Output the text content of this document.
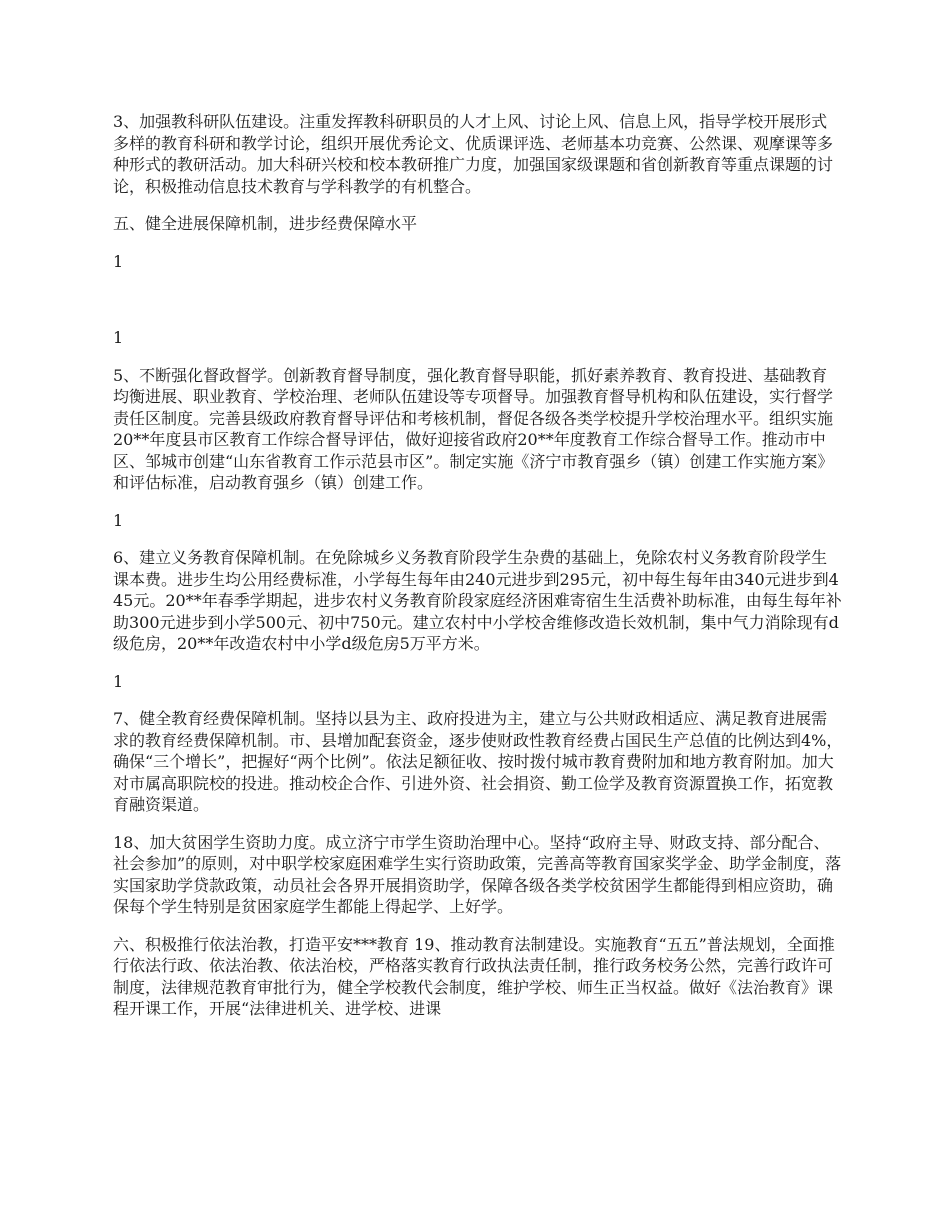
3、加强教科研队伍建设。注重发挥教科研职员的人才上风、讨论上风、信息上风，指导学校开展形式多样的教育科研和教学讨论，组织开展优秀论文、优质课评选、老师基本功竞赛、公然课、观摩课等多种形式的教研活动。加大科研兴校和校本教研推广力度，加强国家级课题和省创新教育等重点课题的讨论，积极推动信息技术教育与学科教学的有机整合。

五、健全进展保障机制，进步经费保障水平

1

1

5、不断强化督政督学。创新教育督导制度，强化教育督导职能，抓好素养教育、教育投进、基础教育均衡进展、职业教育、学校治理、老师队伍建设等专项督导。加强教育督导机构和队伍建设，实行督学责任区制度。完善县级政府教育督导评估和考核机制，督促各级各类学校提升学校治理水平。组织实施20**年度县市区教育工作综合督导评估，做好迎接省政府20**年度教育工作综合督导工作。推动市中区、邹城市创建“山东省教育工作示范县市区”。制定实施《济宁市教育强乡（镇）创建工作实施方案》和评估标准，启动教育强乡（镇）创建工作。

1

6、建立义务教育保障机制。在免除城乡义务教育阶段学生杂费的基础上，免除农村义务教育阶段学生课本费。进步生均公用经费标准，小学每生每年由240元进步到295元，初中每生每年由340元进步到445元。20**年春季学期起，进步农村义务教育阶段家庭经济困难寄宿生生活费补助标准，由每生每年补助300元进步到小学500元、初中750元。建立农村中小学校舍维修改造长效机制，集中气力消除现有d级危房，20**年改造农村中小学d级危房5万平方米。

1

7、健全教育经费保障机制。坚持以县为主、政府投进为主，建立与公共财政相适应、满足教育进展需求的教育经费保障机制。市、县增加配套资金，逐步使财政性教育经费占国民生产总值的比例达到4%，确保“三个增长”，把握好“两个比例”。依法足额征收、按时拨付城市教育费附加和地方教育附加。加大对市属高职院校的投进。推动校企合作、引进外资、社会捐资、勤工俭学及教育资源置换工作，拓宽教育融资渠道。

18、加大贫困学生资助力度。成立济宁市学生资助治理中心。坚持“政府主导、财政支持、部分配合、社会参加”的原则，对中职学校家庭困难学生实行资助政策，完善高等教育国家奖学金、助学金制度，落实国家助学贷款政策，动员社会各界开展捐资助学，保障各级各类学校贫困学生都能得到相应资助，确保每个学生特别是贫困家庭学生都能上得起学、上好学。

六、积极推行依法治教，打造平安***教育 19、推动教育法制建设。实施教育“五五”普法规划，全面推行依法行政、依法治教、依法治校，严格落实教育行政执法责任制，推行政务校务公然，完善行政许可制度，法律规范教育审批行为，健全学校教代会制度，维护学校、师生正当权益。做好《法治教育》课程开课工作，开展“法律进机关、进学校、进课
